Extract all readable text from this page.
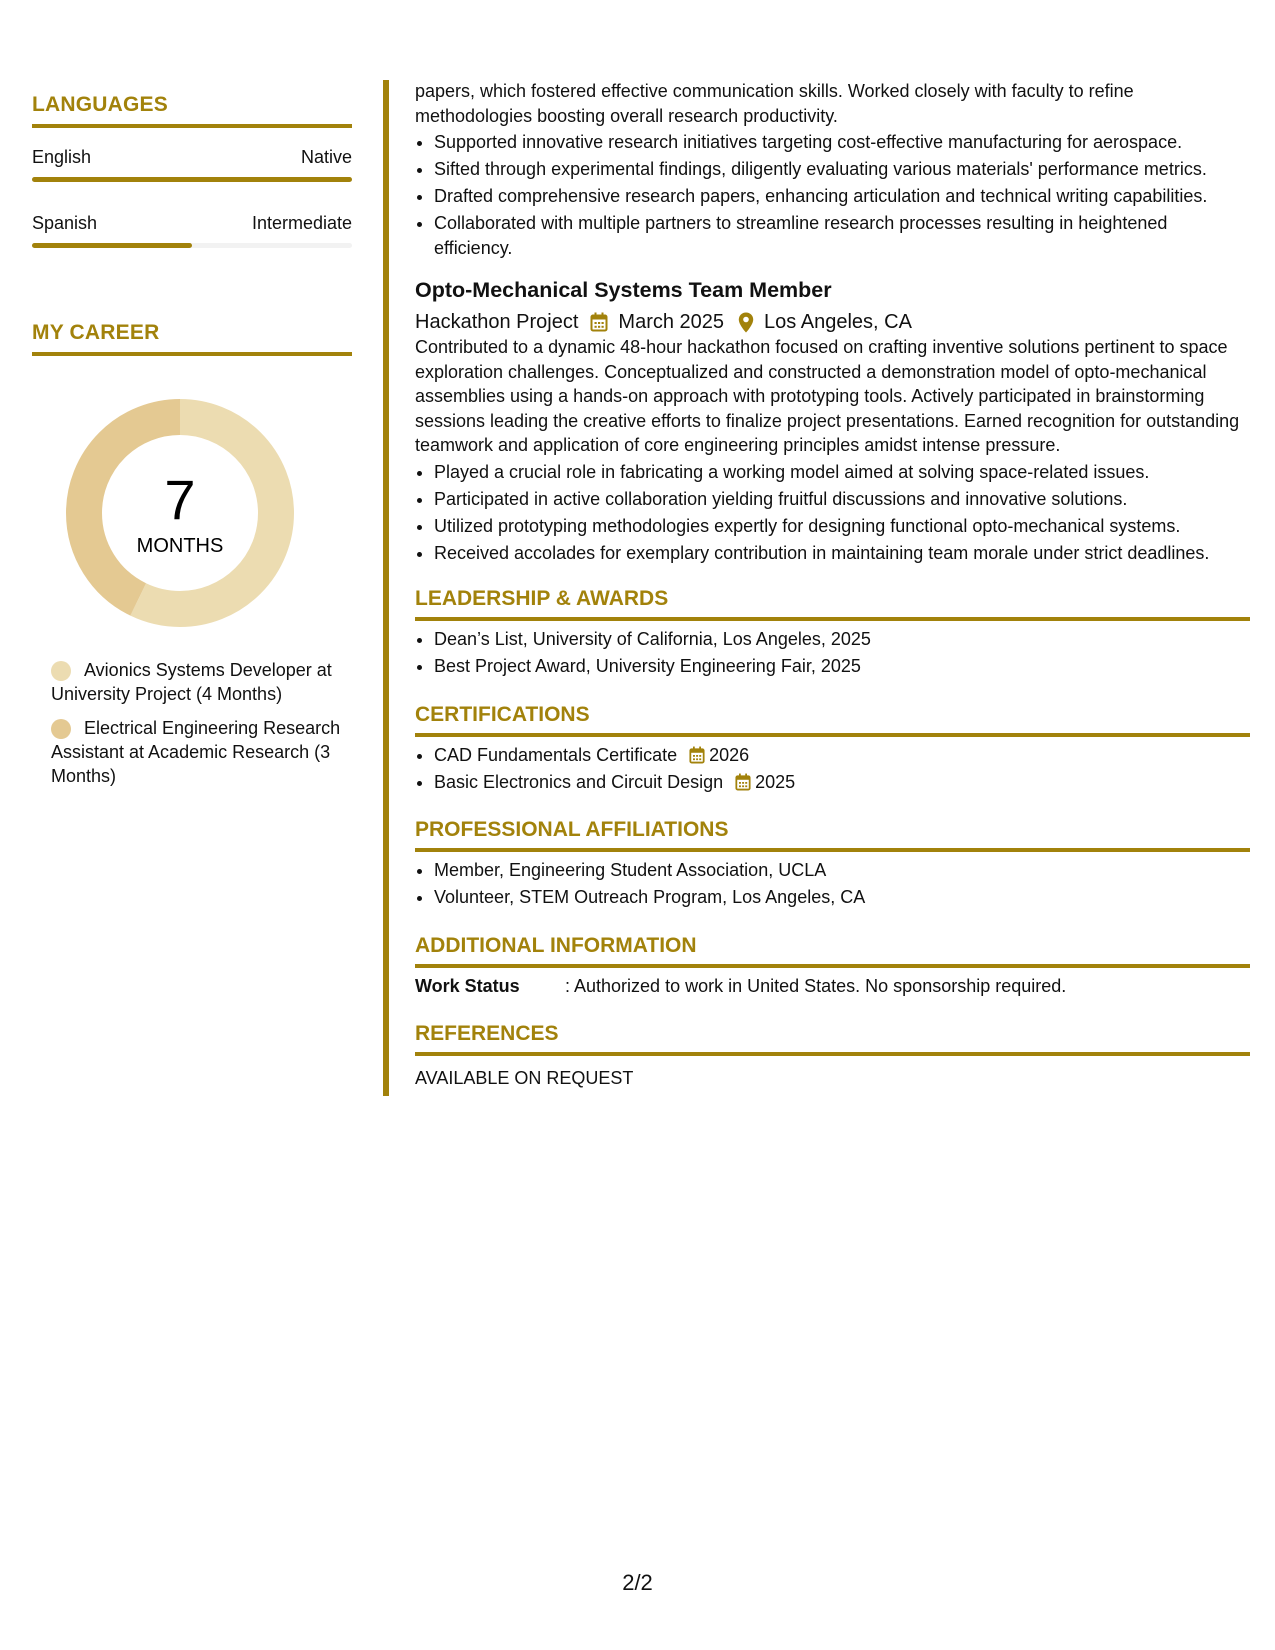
LANGUAGES
English	Native
Spanish	Intermediate
MY CAREER
7
MONTHS
Avionics Systems Developer at University Project (4 Months)
Electrical Engineering Research Assistant at Academic Research (3 Months)

papers, which fostered effective communication skills. Worked closely with faculty to refine methodologies boosting overall research productivity.

• Supported innovative research initiatives targeting cost-effective manufacturing for aerospace.
• Sifted through experimental findings, diligently evaluating various materials' performance metrics.
• Drafted comprehensive research papers, enhancing articulation and technical writing capabilities.
• Collaborated with multiple partners to streamline research processes resulting in heightened efficiency.
Opto-Mechanical Systems Team Member
Hackathon Project March 2025 Los Angeles, CA

Contributed to a dynamic 48-hour hackathon focused on crafting inventive solutions pertinent to space exploration challenges. Conceptualized and constructed a demonstration model of opto-mechanical assemblies using a hands-on approach with prototyping tools. Actively participated in brainstorming sessions leading the creative efforts to finalize project presentations. Earned recognition for outstanding teamwork and application of core engineering principles amidst intense pressure.

• Played a crucial role in fabricating a working model aimed at solving space-related issues.
• Participated in active collaboration yielding fruitful discussions and innovative solutions.
• Utilized prototyping methodologies expertly for designing functional opto-mechanical systems.
• Received accolades for exemplary contribution in maintaining team morale under strict deadlines.
LEADERSHIP & AWARDS
• Dean’s List, University of California, Los Angeles, 2025
• Best Project Award, University Engineering Fair, 2025
CERTIFICATIONS
• CAD Fundamentals Certificate 2026
• Basic Electronics and Circuit Design 2025
PROFESSIONAL AFFILIATIONS
• Member, Engineering Student Association, UCLA
• Volunteer, STEM Outreach Program, Los Angeles, CA
ADDITIONAL INFORMATION
Work Status	: Authorized to work in United States. No sponsorship required.
REFERENCES
AVAILABLE ON REQUEST
2/2
